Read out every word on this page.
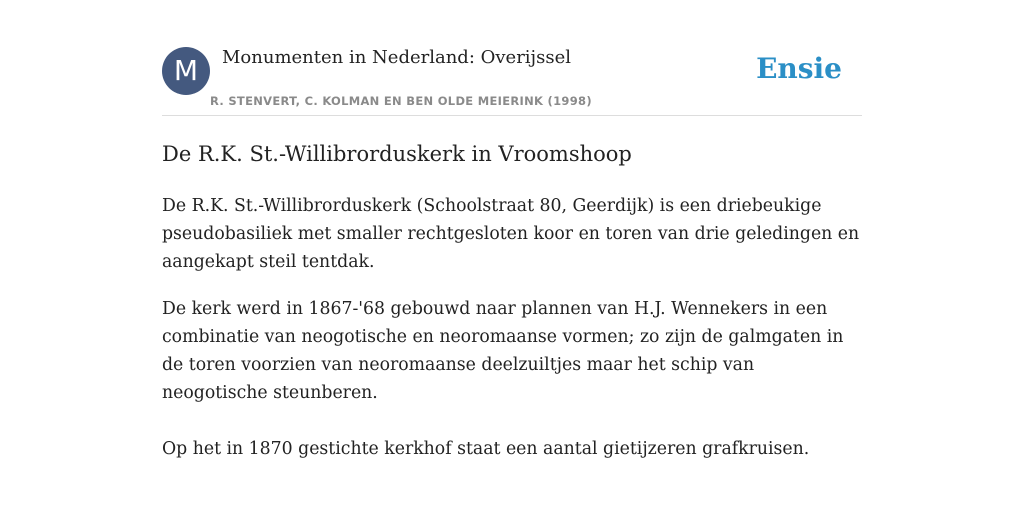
M	Monumenten in Nederland: Overijssel
R. STENVERT, C. KOLMAN EN BEN OLDE MEIERINK (1998)
Ensie
De R.K. St.-Willibrorduskerk in Vroomshoop

De R.K. St.-Willibrorduskerk (Schoolstraat 80, Geerdijk) is een driebeukige pseudobasiliek met smaller rechtgesloten koor en toren van drie geledingen en aangekapt steil tentdak.

De kerk werd in 1867-'68 gebouwd naar plannen van H.J. Wennekers in een combinatie van neogotische en neoromaanse vormen; zo zijn de galmgaten in de toren voorzien van neoromaanse deelzuiltjes maar het schip van neogotische steunberen.

Op het in 1870 gestichte kerkhof staat een aantal gietijzeren grafkruisen.
